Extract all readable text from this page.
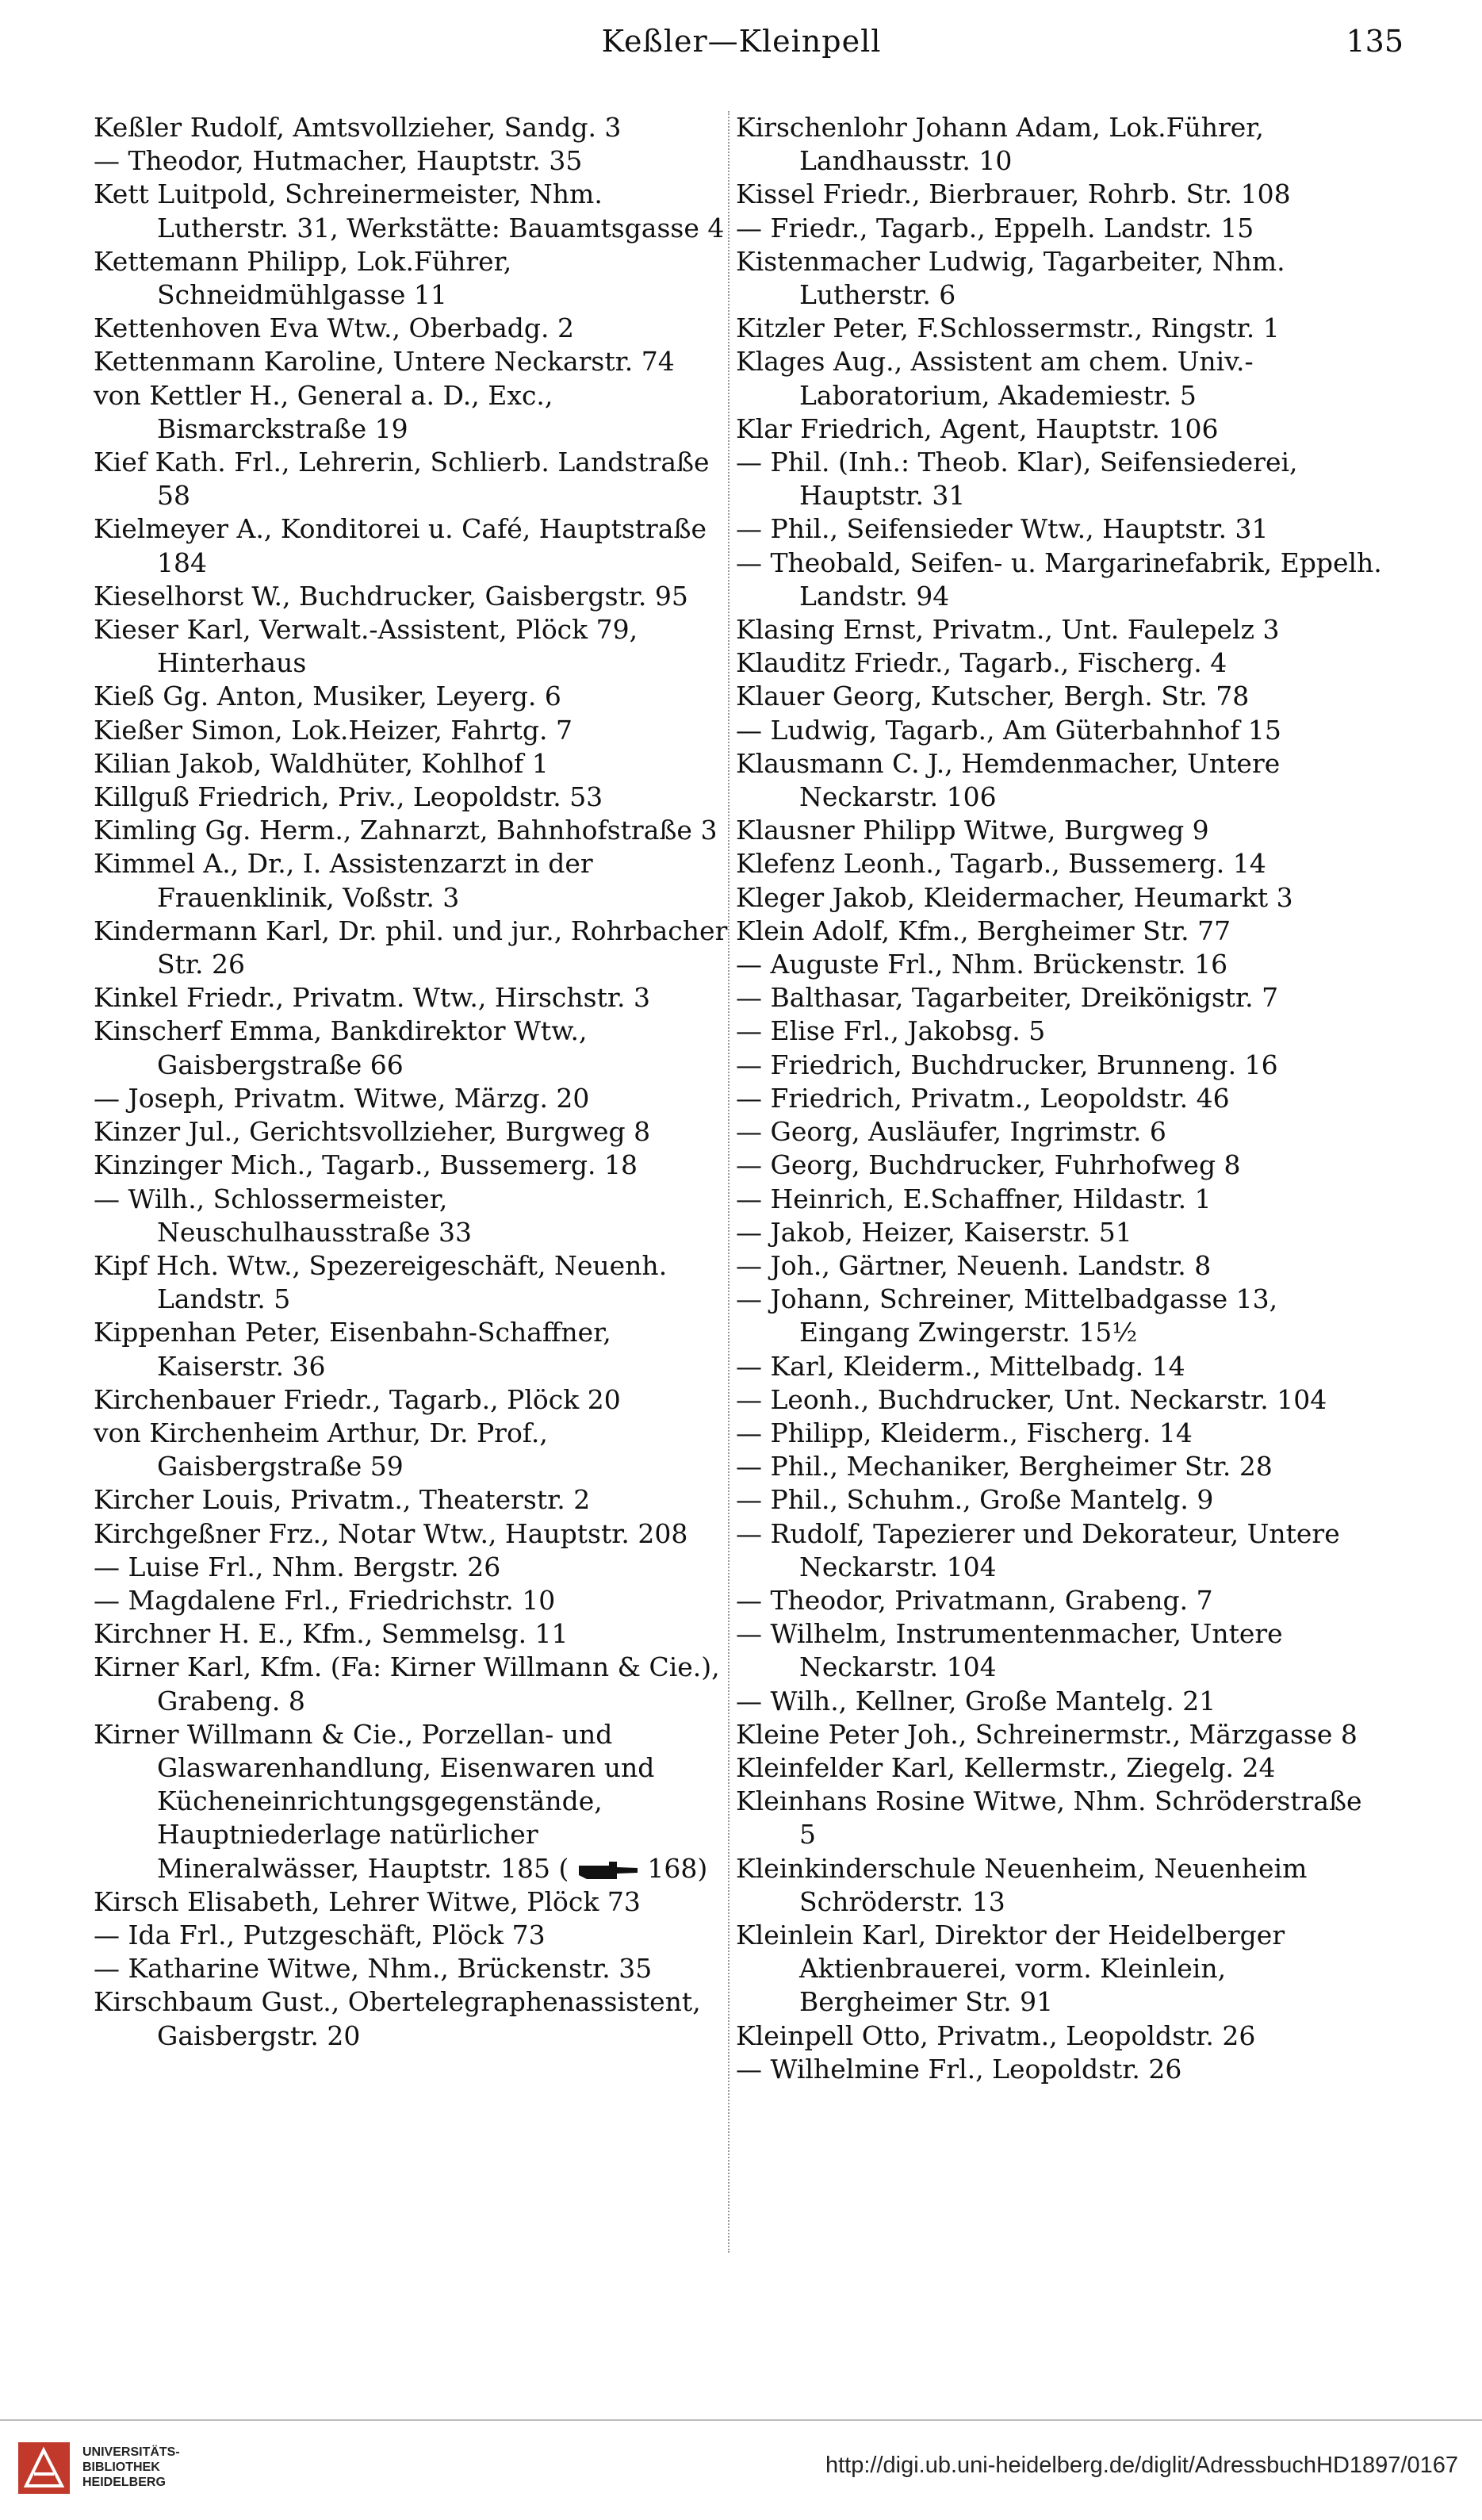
Keßler—Kleinpell	135

Keßler Rudolf, Amtsvollzieher, Sandg. 3

— Theodor, Hutmacher, Hauptstr. 35

Kett Luitpold, Schreinermeister, Nhm. Lutherstr. 31, Werkstätte: Bauamtsgasse 4

Kettemann Philipp, Lok.Führer, Schneidmühlgasse 11

Kettenhoven Eva Wtw., Oberbadg. 2

Kettenmann Karoline, Untere Neckarstr. 74

von Kettler H., General a. D., Exc., Bismarckstraße 19

Kief Kath. Frl., Lehrerin, Schlierb. Landstraße 58

Kielmeyer A., Konditorei u. Café, Hauptstraße 184

Kieselhorst W., Buchdrucker, Gaisbergstr. 95

Kieser Karl, Verwalt.-Assistent, Plöck 79, Hinterhaus

Kieß Gg. Anton, Musiker, Leyerg. 6

Kießer Simon, Lok.Heizer, Fahrtg. 7

Kilian Jakob, Waldhüter, Kohlhof 1

Killguß Friedrich, Priv., Leopoldstr. 53

Kimling Gg. Herm., Zahnarzt, Bahnhofstraße 3

Kimmel A., Dr., I. Assistenzarzt in der Frauenklinik, Voßstr. 3

Kindermann Karl, Dr. phil. und jur., Rohrbacher Str. 26

Kinkel Friedr., Privatm. Wtw., Hirschstr. 3

Kinscherf Emma, Bankdirektor Wtw., Gaisbergstraße 66

— Joseph, Privatm. Witwe, Märzg. 20

Kinzer Jul., Gerichtsvollzieher, Burgweg 8

Kinzinger Mich., Tagarb., Bussemerg. 18

— Wilh., Schlossermeister, Neuschulhausstraße 33

Kipf Hch. Wtw., Spezereigeschäft, Neuenh. Landstr. 5

Kippenhan Peter, Eisenbahn-Schaffner, Kaiserstr. 36

Kirchenbauer Friedr., Tagarb., Plöck 20

von Kirchenheim Arthur, Dr. Prof., Gaisbergstraße 59

Kircher Louis, Privatm., Theaterstr. 2

Kirchgeßner Frz., Notar Wtw., Hauptstr. 208

— Luise Frl., Nhm. Bergstr. 26

— Magdalene Frl., Friedrichstr. 10

Kirchner H. E., Kfm., Semmelsg. 11

Kirner Karl, Kfm. (Fa: Kirner Willmann & Cie.), Grabeng. 8

Kirner Willmann & Cie., Porzellan- und Glaswarenhandlung, Eisenwaren und Kücheneinrichtungsgegenstände, Hauptniederlage natürlicher Mineralwässer, Hauptstr. 185 (	168)

Kirsch Elisabeth, Lehrer Witwe, Plöck 73

— Ida Frl., Putzgeschäft, Plöck 73

— Katharine Witwe, Nhm., Brückenstr. 35

Kirschbaum Gust., Obertelegraphenassistent, Gaisbergstr. 20

Kirschenlohr Johann Adam, Lok.Führer, Landhausstr. 10

Kissel Friedr., Bierbrauer, Rohrb. Str. 108

— Friedr., Tagarb., Eppelh. Landstr. 15

Kistenmacher Ludwig, Tagarbeiter, Nhm. Lutherstr. 6

Kitzler Peter, F.Schlossermstr., Ringstr. 1

Klages Aug., Assistent am chem. Univ.-Laboratorium, Akademiestr. 5

Klar Friedrich, Agent, Hauptstr. 106

— Phil. (Inh.: Theob. Klar), Seifensiederei, Hauptstr. 31

— Phil., Seifensieder Wtw., Hauptstr. 31

— Theobald, Seifen- u. Margarinefabrik, Eppelh. Landstr. 94

Klasing Ernst, Privatm., Unt. Faulepelz 3

Klauditz Friedr., Tagarb., Fischerg. 4

Klauer Georg, Kutscher, Bergh. Str. 78

— Ludwig, Tagarb., Am Güterbahnhof 15

Klausmann C. J., Hemdenmacher, Untere Neckarstr. 106

Klausner Philipp Witwe, Burgweg 9

Klefenz Leonh., Tagarb., Bussemerg. 14

Kleger Jakob, Kleidermacher, Heumarkt 3

Klein Adolf, Kfm., Bergheimer Str. 77

— Auguste Frl., Nhm. Brückenstr. 16

— Balthasar, Tagarbeiter, Dreikönigstr. 7

— Elise Frl., Jakobsg. 5

— Friedrich, Buchdrucker, Brunneng. 16

— Friedrich, Privatm., Leopoldstr. 46

— Georg, Ausläufer, Ingrimstr. 6

— Georg, Buchdrucker, Fuhrhofweg 8

— Heinrich, E.Schaffner, Hildastr. 1

— Jakob, Heizer, Kaiserstr. 51

— Joh., Gärtner, Neuenh. Landstr. 8

— Johann, Schreiner, Mittelbadgasse 13, Eingang Zwingerstr. 15½

— Karl, Kleiderm., Mittelbadg. 14

— Leonh., Buchdrucker, Unt. Neckarstr. 104

— Philipp, Kleiderm., Fischerg. 14

— Phil., Mechaniker, Bergheimer Str. 28

— Phil., Schuhm., Große Mantelg. 9

— Rudolf, Tapezierer und Dekorateur, Untere Neckarstr. 104

— Theodor, Privatmann, Grabeng. 7

— Wilhelm, Instrumentenmacher, Untere Neckarstr. 104

— Wilh., Kellner, Große Mantelg. 21

Kleine Peter Joh., Schreinermstr., Märzgasse 8

Kleinfelder Karl, Kellermstr., Ziegelg. 24

Kleinhans Rosine Witwe, Nhm. Schröderstraße 5

Kleinkinderschule Neuenheim, Neuenheim Schröderstr. 13

Kleinlein Karl, Direktor der Heidelberger Aktienbrauerei, vorm. Kleinlein, Bergheimer Str. 91

Kleinpell Otto, Privatm., Leopoldstr. 26

— Wilhelmine Frl., Leopoldstr. 26

UNIVERSITÄTS-
BIBLIOTHEK
HEIDELBERG
http://digi.ub.uni-heidelberg.de/diglit/AdressbuchHD1897/0167
